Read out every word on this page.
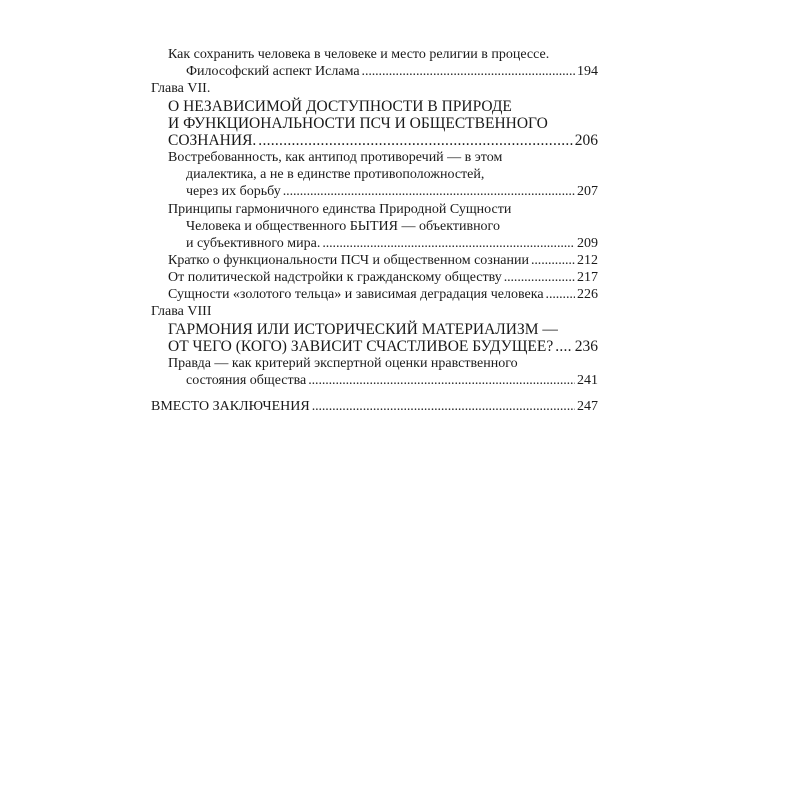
Как сохранить человека в человеке и место религии в процессе.
Философский аспект Ислама . . .	194
Глава VII.
О НЕЗАВИСИМОЙ ДОСТУПНОСТИ В ПРИРОДЕ
И ФУНКЦИОНАЛЬНОСТИ ПСЧ И ОБЩЕСТВЕННОГО
СОЗНАНИЯ. . . .	206
Востребованность, как антипод противоречий — в этом
диалектика, а не в единстве противоположностей,
через их борьбу . . .	207
Принципы гармоничного единства Природной Сущности
Человека и общественного БЫТИЯ — объективного
и субъективного мира. . . .	209
Кратко о функциональности ПСЧ и общественном сознании . . .	212
От политической надстройки к гражданскому обществу . . .	217
Сущности «золотого тельца» и зависимая деградация человека . . . 226
Глава VIII
ГАРМОНИЯ ИЛИ ИСТОРИЧЕСКИЙ МАТЕРИАЛИЗМ —
ОТ ЧЕГО (КОГО) ЗАВИСИТ СЧАСТЛИВОЕ БУДУЩЕЕ? . . . 236
Правда — как критерий экспертной оценки нравственного
состояния общества . . .	241
ВМЕСТО ЗАКЛЮЧЕНИЯ . . .	247
